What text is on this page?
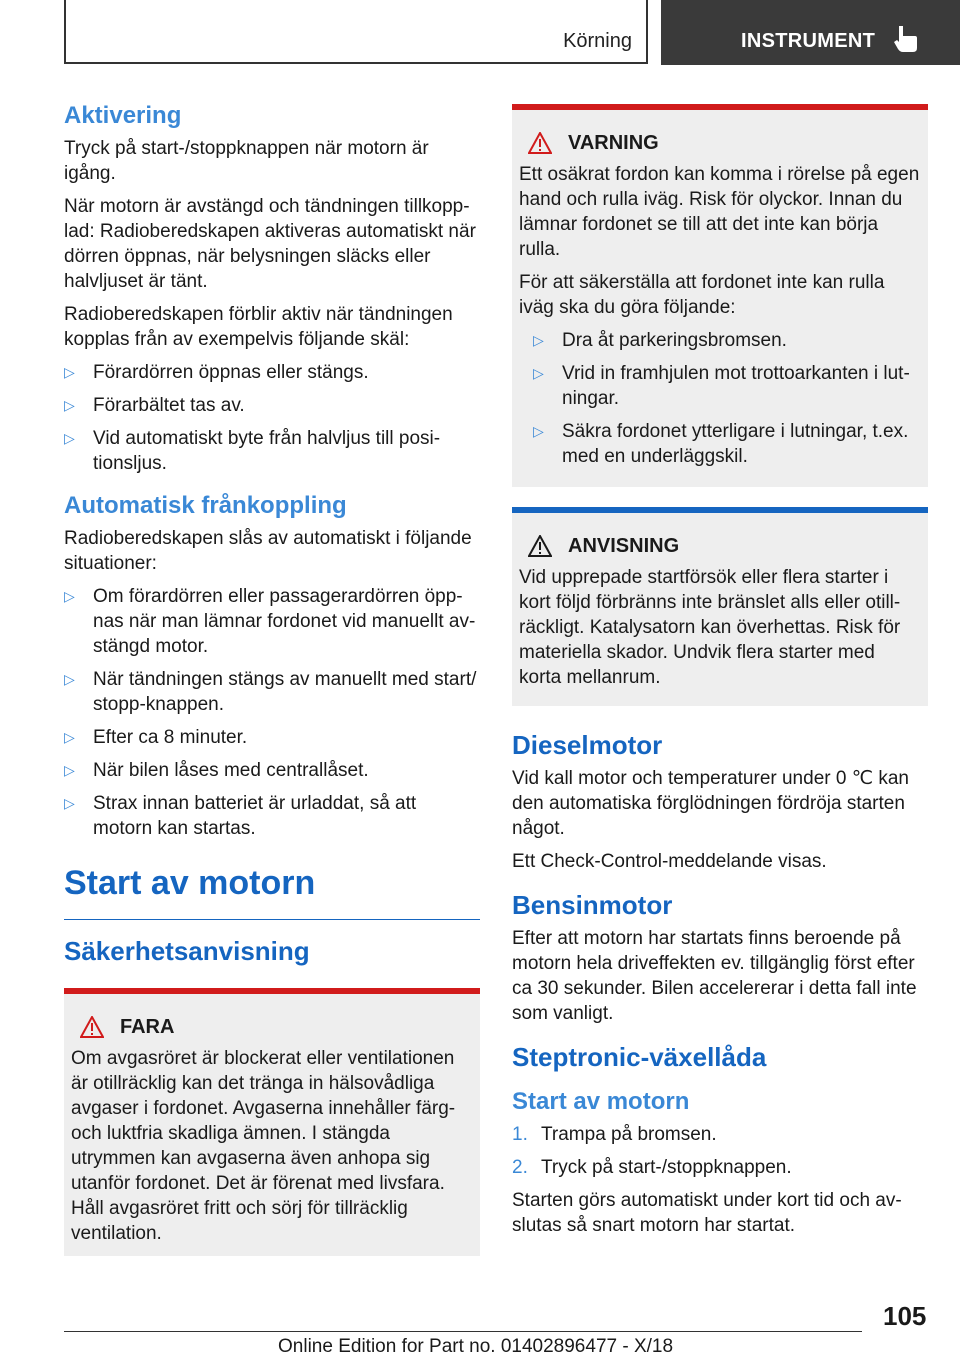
Körning	INSTRUMENT
Aktivering

Tryck på start-/stoppknappen när motorn är igång.

När motorn är avstängd och tändningen tillkopplad: Radioberedskapen aktiveras automatiskt när dörren öppnas, när belysningen släcks eller halvljuset är tänt.

Radioberedskapen förblir aktiv när tändningen kopplas från av exempelvis följande skäl:

▷ Förardörren öppnas eller stängs.
▷ Förarbältet tas av.
▷ Vid automatiskt byte från halvljus till positionsljus.
Automatisk frånkoppling

Radioberedskapen slås av automatiskt i följande situationer:

▷ Om förardörren eller passagerardörren öppnas när man lämnar fordonet vid manuellt avstängd motor.
▷ När tändningen stängs av manuellt med start/ stopp-knappen.
▷ Efter ca 8 minuter.
▷ När bilen låses med centrallåset.
▷ Strax innan batteriet är urladdat, så att motorn kan startas.
Start av motorn
Säkerhetsanvisning
FARA

Om avgasröret är blockerat eller ventilationen är otillräcklig kan det tränga in hälsovådliga avgaser i fordonet. Avgaserna innehåller färg- och luktfria skadliga ämnen. I stängda utrymmen kan avgaserna även anhopa sig utanför fordonet. Det är förenat med livsfara. Håll avgasröret fritt och sörj för tillräcklig ventilation.

VARNING

Ett osäkrat fordon kan komma i rörelse på egen hand och rulla iväg. Risk för olyckor. Innan du lämnar fordonet se till att det inte kan börja rulla.

För att säkerställa att fordonet inte kan rulla iväg ska du göra följande:

▷ Dra åt parkeringsbromsen.
▷ Vrid in framhjulen mot trottoarkanten i lutningar.
▷ Säkra fordonet ytterligare i lutningar, t.ex. med en underläggskil.
ANVISNING

Vid upprepade startförsök eller flera starter i kort följd förbränns inte bränslet alls eller otillräckligt. Katalysatorn kan överhettas. Risk för materiella skador. Undvik flera starter med korta mellanrum.

Dieselmotor

Vid kall motor och temperaturer under 0 ℃ kan den automatiska förglödningen fördröja starten något.

Ett Check-Control-meddelande visas.

Bensinmotor

Efter att motorn har startats finns beroende på motorn hela driveffekten ev. tillgänglig först efter ca 30 sekunder. Bilen accelererar i detta fall inte som vanligt.

Steptronic-växellåda
Start av motorn
1. Trampa på bromsen.
2. Tryck på start-/stoppknappen.

Starten görs automatiskt under kort tid och avslutas så snart motorn har startat.

105
Online Edition for Part no. 01402896477 - X/18
